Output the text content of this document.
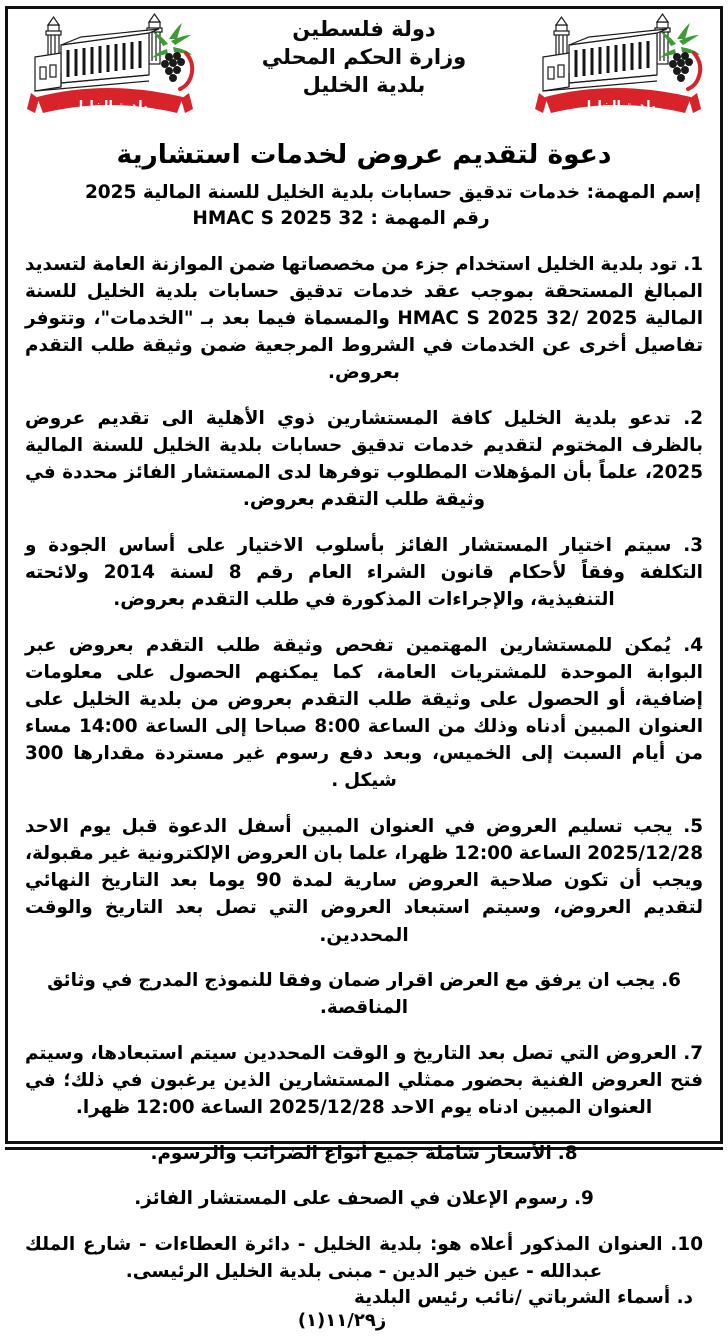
بلدية الخليل
دولة فلسطين
وزارة الحكم المحلي
بلدية الخليل
بلدية الخليل
دعوة لتقديم عروض لخدمات استشارية
إسم المهمة: خدمات تدقيق حسابات بلدية الخليل للسنة المالية 2025
رقم المهمة : HMAC S 2025 32

1. تود بلدية الخليل استخدام جزء من مخصصاتها ضمن الموازنة العامة لتسديد المبالغ المستحقة بموجب عقد خدمات تدقيق حسابات بلدية الخليل للسنة المالية 2025 /HMAC S 2025 32 والمسماة فيما بعد بـ "الخدمات"، وتتوفر تفاصيل أخرى عن الخدمات في الشروط المرجعية ضمن وثيقة طلب التقدم بعروض.

2. تدعو بلدية الخليل كافة المستشارين ذوي الأهلية الى تقديم عروض بالظرف المختوم لتقديم خدمات تدقيق حسابات بلدية الخليل للسنة المالية 2025، علماً بأن المؤهلات المطلوب توفرها لدى المستشار الفائز محددة في وثيقة طلب التقدم بعروض.

3. سيتم اختيار المستشار الفائز بأسلوب الاختيار على أساس الجودة و التكلفة وفقاً لأحكام قانون الشراء العام رقم 8 لسنة 2014 ولائحته التنفيذية، والإجراءات المذكورة في طلب التقدم بعروض.

4. يُمكن للمستشارين المهتمين تفحص وثيقة طلب التقدم بعروض عبر البوابة الموحدة للمشتريات العامة، كما يمكنهم الحصول على معلومات إضافية، أو الحصول على وثيقة طلب التقدم بعروض من بلدية الخليل على العنوان المبين أدناه وذلك من الساعة 8:00 صباحا إلى الساعة 14:00 مساء من أيام السبت إلى الخميس، وبعد دفع رسوم غير مستردة مقدارها 300 شيكل .

5. يجب تسليم العروض في العنوان المبين أسفل الدعوة قبل يوم الاحد 2025/12/28 الساعة 12:00 ظهرا، علما بان العروض الإلكترونية غير مقبولة، ويجب أن تكون صلاحية العروض سارية لمدة 90 يوما بعد التاريخ النهائي لتقديم العروض، وسيتم استبعاد العروض التي تصل بعد التاريخ والوقت المحددين.

6. يجب ان يرفق مع العرض اقرار ضمان وفقا للنموذج المدرج في وثائق المناقصة.

7. العروض التي تصل بعد التاريخ و الوقت المحددين سيتم استبعادها، وسيتم فتح العروض الفنية بحضور ممثلي المستشارين الذين يرغبون في ذلك؛ في العنوان المبين ادناه يوم الاحد 2025/12/28 الساعة 12:00 ظهرا.

8. الأسعار شاملة جميع أنواع الضرائب والرسوم.

9. رسوم الإعلان في الصحف على المستشار الفائز.

10. العنوان المذكور أعلاه هو: بلدية الخليل - دائرة العطاءات - شارع الملك عبدالله - عين خير الدين - مبنى بلدية الخليل الرئيسى.

د. أسماء الشرباتي /نائب رئيس البلدية
ز١١/٢٩(١)
